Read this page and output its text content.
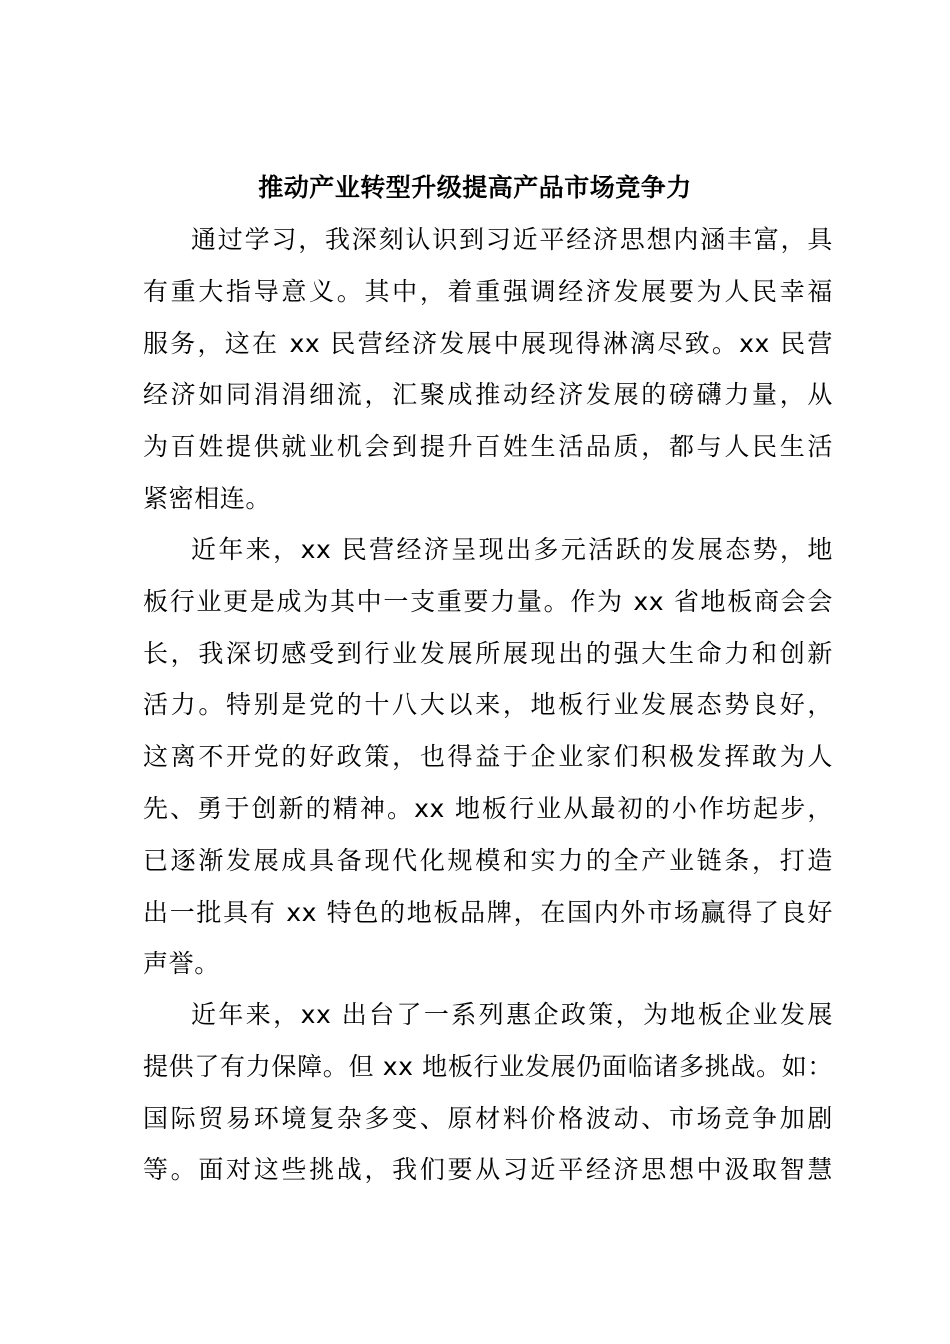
推动产业转型升级提高产品市场竞争力
通过学习，我深刻认识到习近平经济思想内涵丰富，具
有重大指导意义。其中，着重强调经济发展要为人民幸福
服务，这在 xx 民营经济发展中展现得淋漓尽致。xx 民营
经济如同涓涓细流，汇聚成推动经济发展的磅礴力量，从
为百姓提供就业机会到提升百姓生活品质，都与人民生活
紧密相连。
近年来，xx 民营经济呈现出多元活跃的发展态势，地
板行业更是成为其中一支重要力量。作为 xx 省地板商会会
长，我深切感受到行业发展所展现出的强大生命力和创新
活力。特别是党的十八大以来，地板行业发展态势良好，
这离不开党的好政策，也得益于企业家们积极发挥敢为人
先、勇于创新的精神。xx 地板行业从最初的小作坊起步，
已逐渐发展成具备现代化规模和实力的全产业链条，打造
出一批具有 xx 特色的地板品牌，在国内外市场赢得了良好
声誉。
近年来，xx 出台了一系列惠企政策，为地板企业发展
提供了有力保障。但 xx 地板行业发展仍面临诸多挑战。如：
国际贸易环境复杂多变、原材料价格波动、市场竞争加剧
等。面对这些挑战，我们要从习近平经济思想中汲取智慧
